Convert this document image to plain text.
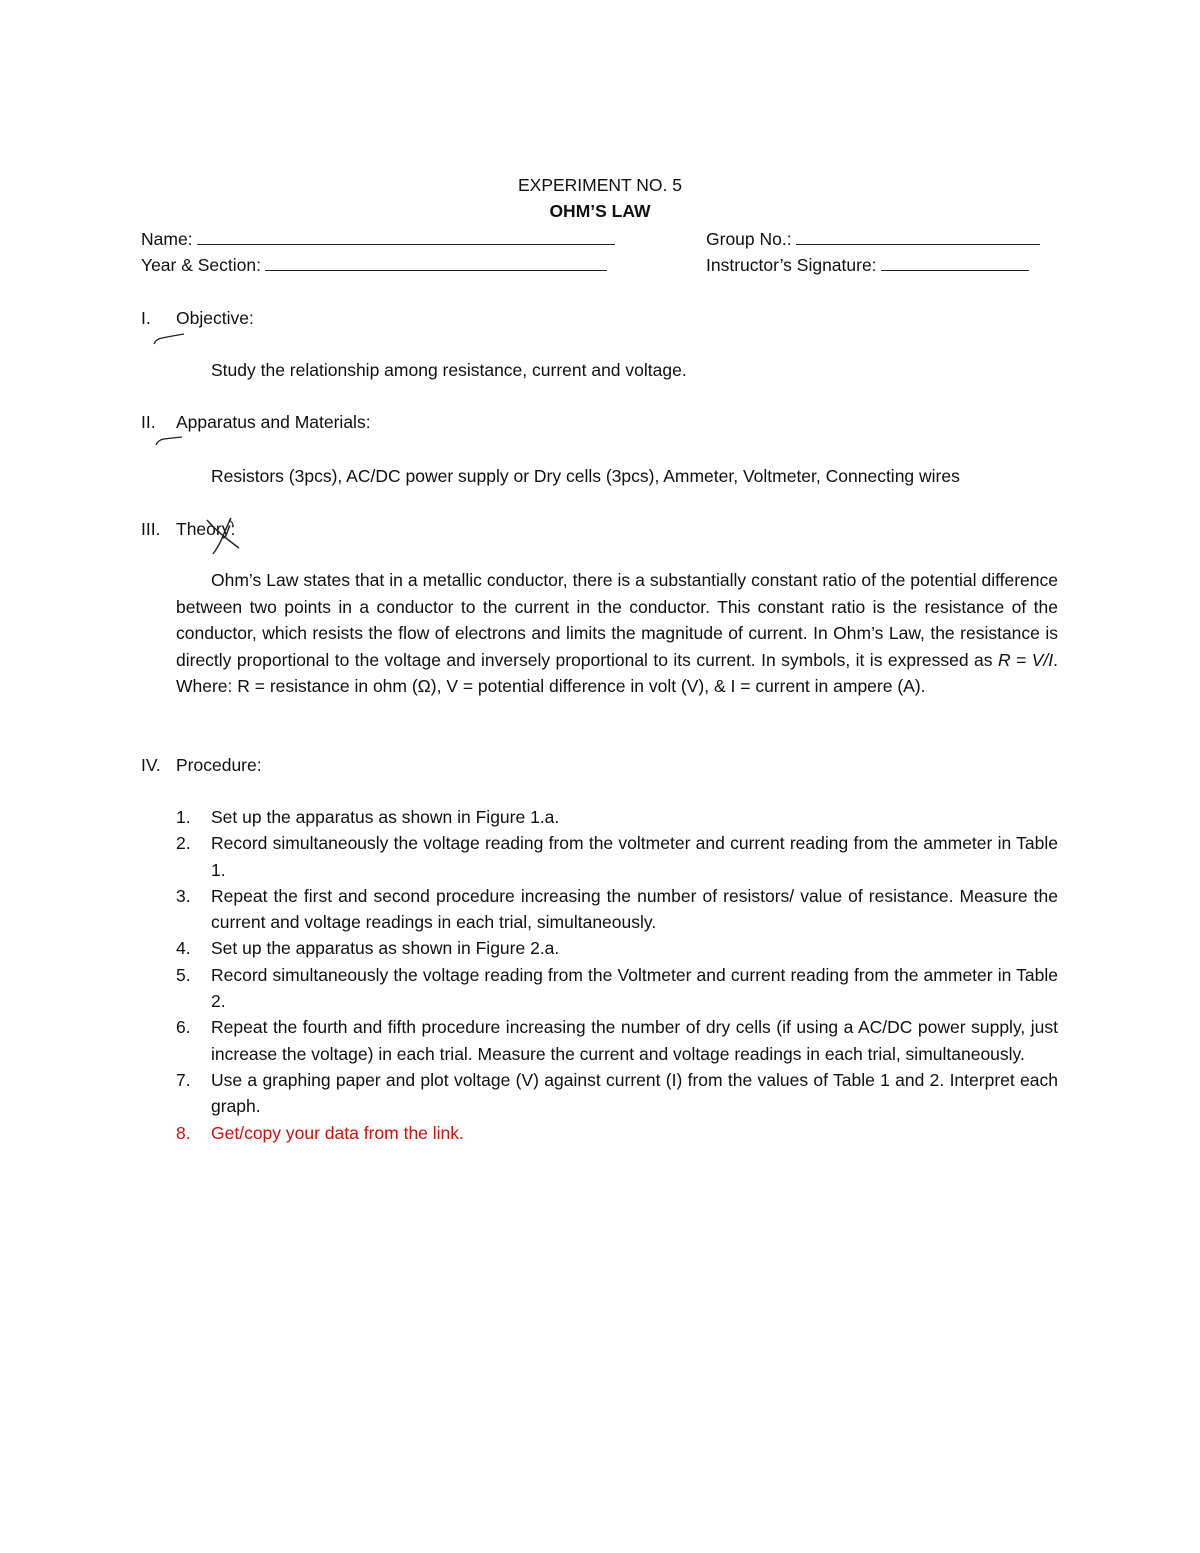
EXPERIMENT NO. 5
OHM’S LAW
Name:	Group No.:
Year & Section:	Instructor’s Signature:
I. Objective:
Study the relationship among resistance, current and voltage.
II. Apparatus and Materials:
Resistors (3pcs), AC/DC power supply or Dry cells (3pcs), Ammeter, Voltmeter, Connecting wires
III. Theory:
Ohm’s Law states that in a metallic conductor, there is a substantially constant ratio of the potential difference between two points in a conductor to the current in the conductor. This constant ratio is the resistance of the conductor, which resists the flow of electrons and limits the magnitude of current. In Ohm’s Law, the resistance is directly proportional to the voltage and inversely proportional to its current. In symbols, it is expressed as R = V/I. Where: R = resistance in ohm (Ω), V = potential difference in volt (V), & I = current in ampere (A).
IV. Procedure:
1. Set up the apparatus as shown in Figure 1.a.
2. Record simultaneously the voltage reading from the voltmeter and current reading from the ammeter in Table 1.
3. Repeat the first and second procedure increasing the number of resistors/ value of resistance. Measure the current and voltage readings in each trial, simultaneously.
4. Set up the apparatus as shown in Figure 2.a.
5. Record simultaneously the voltage reading from the Voltmeter and current reading from the ammeter in Table 2.
6. Repeat the fourth and fifth procedure increasing the number of dry cells (if using a AC/DC power supply, just increase the voltage) in each trial. Measure the current and voltage readings in each trial, simultaneously.
7. Use a graphing paper and plot voltage (V) against current (I) from the values of Table 1 and 2. Interpret each graph.
8. Get/copy your data from the link.
